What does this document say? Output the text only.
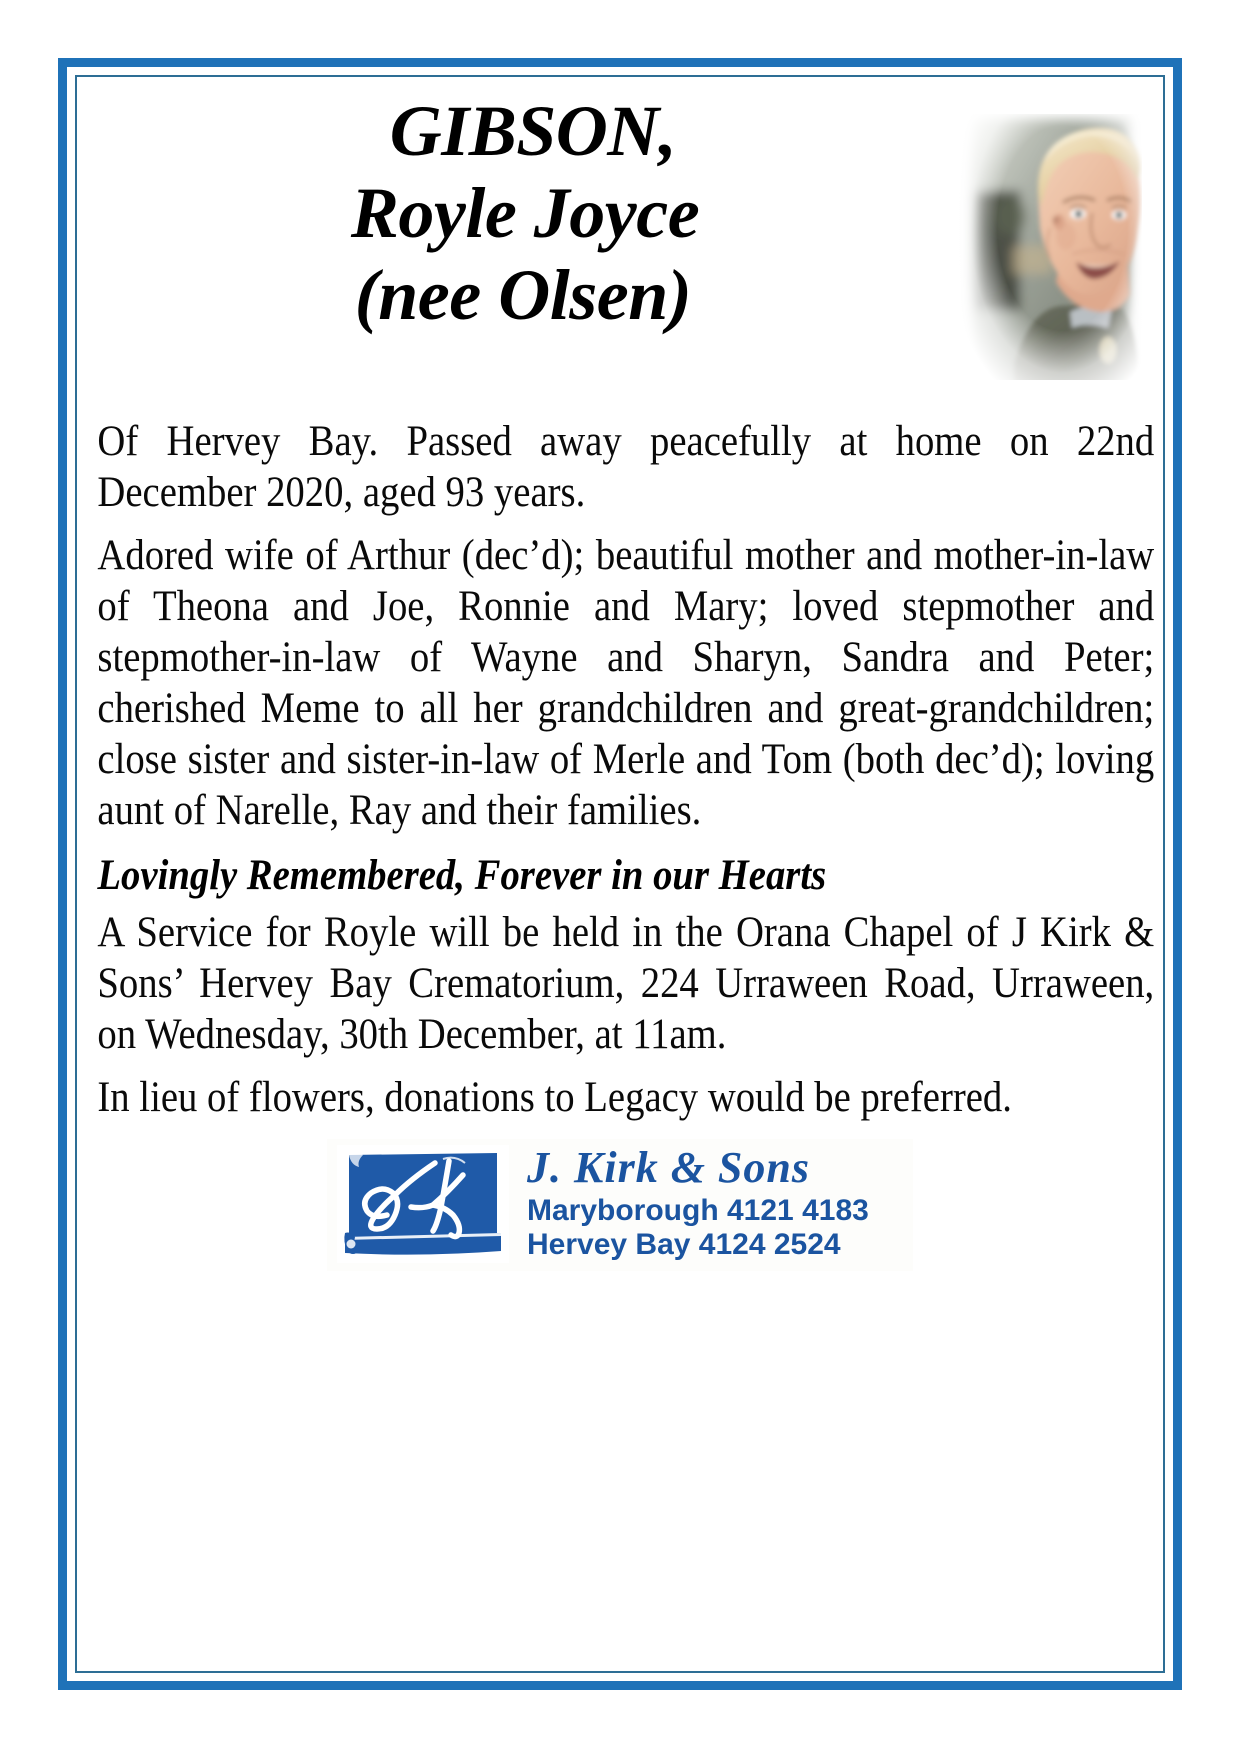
GIBSON,
Royle Joyce
(nee Olsen)

Of Hervey Bay. Passed away peacefully at home on 22nd December 2020, aged 93 years.

Adored wife of Arthur (dec’d); beautiful mother and mother-in-law of Theona and Joe, Ronnie and Mary; loved stepmother and stepmother-in-law of Wayne and Sharyn, Sandra and Peter; cherished Meme to all her grandchildren and great-grandchildren; close sister and sister-in-law of Merle and Tom (both dec’d); loving aunt of Narelle, Ray and their families.

Lovingly Remembered, Forever in our Hearts

A Service for Royle will be held in the Orana Chapel of J Kirk & Sons’ Hervey Bay Crematorium, 224 Urraween Road, Urraween, on Wednesday, 30th December, at 11am.

In lieu of flowers, donations to Legacy would be preferred.

J. Kirk & Sons
Maryborough 4121 4183
Hervey Bay 4124 2524
